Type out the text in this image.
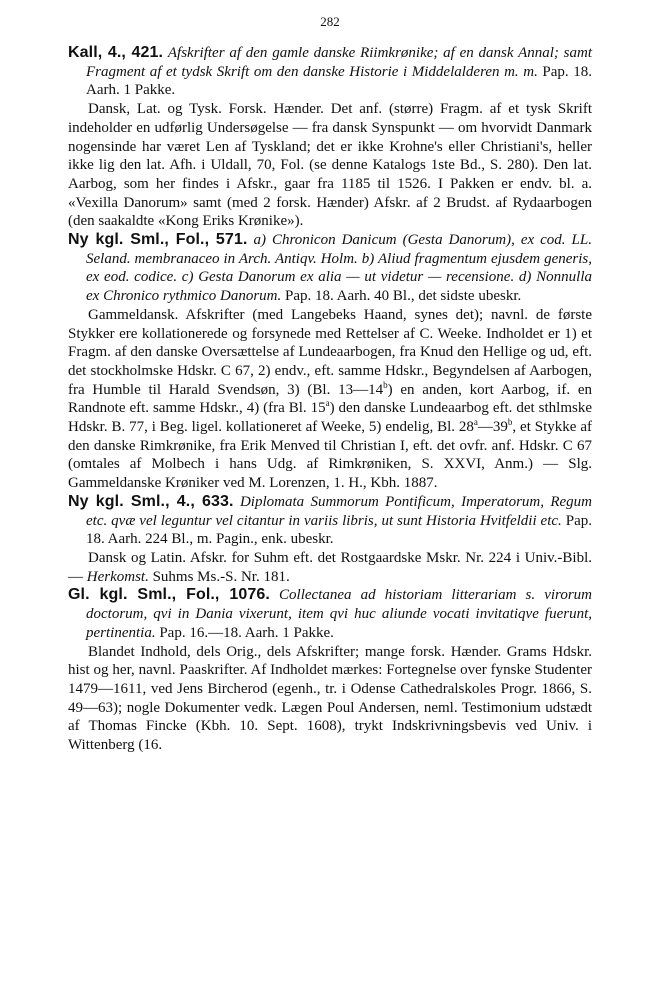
282

Kall, 4., 421. Afskrifter af den gamle danske Riimkrønike; af en dansk Annal; samt Fragment af et tydsk Skrift om den danske Historie i Middelalderen m. m. Pap. 18. Aarh. 1 Pakke.

Dansk, Lat. og Tysk. Forsk. Hænder. Det anf. (større) Fragm. af et tysk Skrift indeholder en udførlig Undersøgelse — fra dansk Synspunkt — om hvorvidt Danmark nogensinde har været Len af Tyskland; det er ikke Krohne's eller Christiani's, heller ikke lig den lat. Afh. i Uldall, 70, Fol. (se denne Katalogs 1ste Bd., S. 280). Den lat. Aarbog, som her findes i Afskr., gaar fra 1185 til 1526. I Pakken er endv. bl. a. «Vexilla Danorum» samt (med 2 forsk. Hænder) Afskr. af 2 Brudst. af Rydaarbogen (den saakaldte «Kong Eriks Krønike»).

Ny kgl. Sml., Fol., 571. a) Chronicon Danicum (Gesta Danorum), ex cod. LL. Seland. membranaceo in Arch. Antiqv. Holm. b) Aliud fragmentum ejusdem generis, ex eod. codice. c) Gesta Danorum ex alia — ut videtur — recensione. d) Nonnulla ex Chronico rythmico Danorum. Pap. 18. Aarh. 40 Bl., det sidste ubeskr.

Gammeldansk. Afskrifter (med Langebeks Haand, synes det); navnl. de første Stykker ere kollationerede og forsynede med Rettelser af C. Weeke. Indholdet er 1) et Fragm. af den danske Oversættelse af Lundeaarbogen, fra Knud den Hellige og ud, eft. det stockholmske Hdskr. C 67, 2) endv., eft. samme Hdskr., Begyndelsen af Aarbogen, fra Humble til Harald Svendsøn, 3) (Bl. 13—14$^b$) en anden, kort Aarbog, if. en Randnote eft. samme Hdskr., 4) (fra Bl. 15$^a$) den danske Lundeaarbog eft. det sthlmske Hdskr. B. 77, i Beg. ligel. kollationeret af Weeke, 5) endelig, Bl. 28$^a$—39$^b$, et Stykke af den danske Rimkrønike, fra Erik Menved til Christian I, eft. det ovfr. anf. Hdskr. C 67 (omtales af Molbech i hans Udg. af Rimkrøniken, S. XXVI, Anm.) — Slg. Gammeldanske Krøniker ved M. Lorenzen, 1. H., Kbh. 1887.

Ny kgl. Sml., 4., 633. Diplomata Summorum Pontificum, Imperatorum, Regum etc. qvæ vel leguntur vel citantur in variis libris, ut sunt Historia Hvitfeldii etc. Pap. 18. Aarh. 224 Bl., m. Pagin., enk. ubeskr.

Dansk og Latin. Afskr. for Suhm eft. det Rostgaardske Mskr. Nr. 224 i Univ.-Bibl. — Herkomst. Suhms Ms.-S. Nr. 181.

Gl. kgl. Sml., Fol., 1076. Collectanea ad historiam litterariam s. virorum doctorum, qvi in Dania vixerunt, item qvi huc aliunde vocati invitatiqve fuerunt, pertinentia. Pap. 16.—18. Aarh. 1 Pakke.

Blandet Indhold, dels Orig., dels Afskrifter; mange forsk. Hænder. Grams Hdskr. hist og her, navnl. Paaskrifter. Af Indholdet mærkes: Fortegnelse over fynske Studenter 1479—1611, ved Jens Bircherod (egenh., tr. i Odense Cathedralskoles Progr. 1866, S. 49—63); nogle Dokumenter vedk. Lægen Poul Andersen, neml. Testimonium udstædt af Thomas Fincke (Kbh. 10. Sept. 1608), trykt Indskrivningsbevis ved Univ. i Wittenberg (16.
